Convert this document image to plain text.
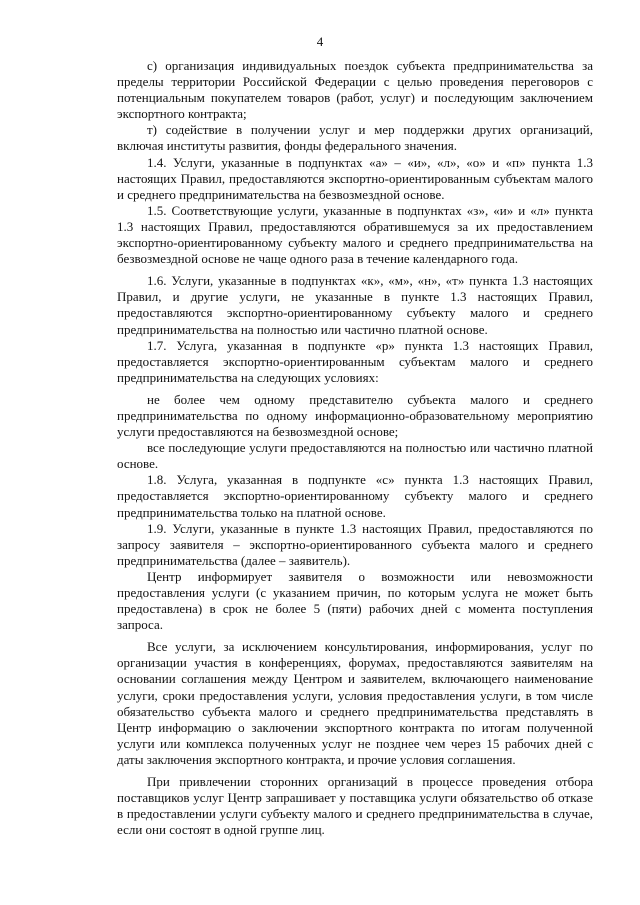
4

с) организация индивидуальных поездок субъекта предпринимательства за пределы территории Российской Федерации с целью проведения переговоров с потенциальным покупателем товаров (работ, услуг) и последующим заключением экспортного контракта;

т) содействие в получении услуг и мер поддержки других организаций, включая институты развития, фонды федерального значения.

1.4. Услуги, указанные в подпунктах «а» – «и», «л», «о» и «п» пункта 1.3 настоящих Правил, предоставляются экспортно-ориентированным субъектам малого и среднего предпринимательства на безвозмездной основе.

1.5. Соответствующие услуги, указанные в подпунктах «з», «и» и «л» пункта 1.3 настоящих Правил, предоставляются обратившемуся за их предоставлением экспортно-ориентированному субъекту малого и среднего предпринимательства на безвозмездной основе не чаще одного раза в течение календарного года.

1.6. Услуги, указанные в подпунктах «к», «м», «н», «т» пункта 1.3 настоящих Правил, и другие услуги, не указанные в пункте 1.3 настоящих Правил, предоставляются экспортно-ориентированному субъекту малого и среднего предпринимательства на полностью или частично платной основе.

1.7. Услуга, указанная в подпункте «р» пункта 1.3 настоящих Правил, предоставляется экспортно-ориентированным субъектам малого и среднего предпринимательства на следующих условиях:

не более чем одному представителю субъекта малого и среднего предпринимательства по одному информационно-образовательному мероприятию услуги предоставляются на безвозмездной основе;

все последующие услуги предоставляются на полностью или частично платной основе.

1.8. Услуга, указанная в подпункте «с» пункта 1.3 настоящих Правил, предоставляется экспортно-ориентированному субъекту малого и среднего предпринимательства только на платной основе.

1.9. Услуги, указанные в пункте 1.3 настоящих Правил, предоставляются по запросу заявителя – экспортно-ориентированного субъекта малого и среднего предпринимательства (далее – заявитель).

Центр информирует заявителя о возможности или невозможности предоставления услуги (с указанием причин, по которым услуга не может быть предоставлена) в срок не более 5 (пяти) рабочих дней с момента поступления запроса.

Все услуги, за исключением консультирования, информирования, услуг по организации участия в конференциях, форумах, предоставляются заявителям на основании соглашения между Центром и заявителем, включающего наименование услуги, сроки предоставления услуги, условия предоставления услуги, в том числе обязательство субъекта малого и среднего предпринимательства представлять в Центр информацию о заключении экспортного контракта по итогам полученной услуги или комплекса полученных услуг не позднее чем через 15 рабочих дней с даты заключения экспортного контракта, и прочие условия соглашения.

При привлечении сторонних организаций в процессе проведения отбора поставщиков услуг Центр запрашивает у поставщика услуги обязательство об отказе в предоставлении услуги субъекту малого и среднего предпринимательства в случае, если они состоят в одной группе лиц.
